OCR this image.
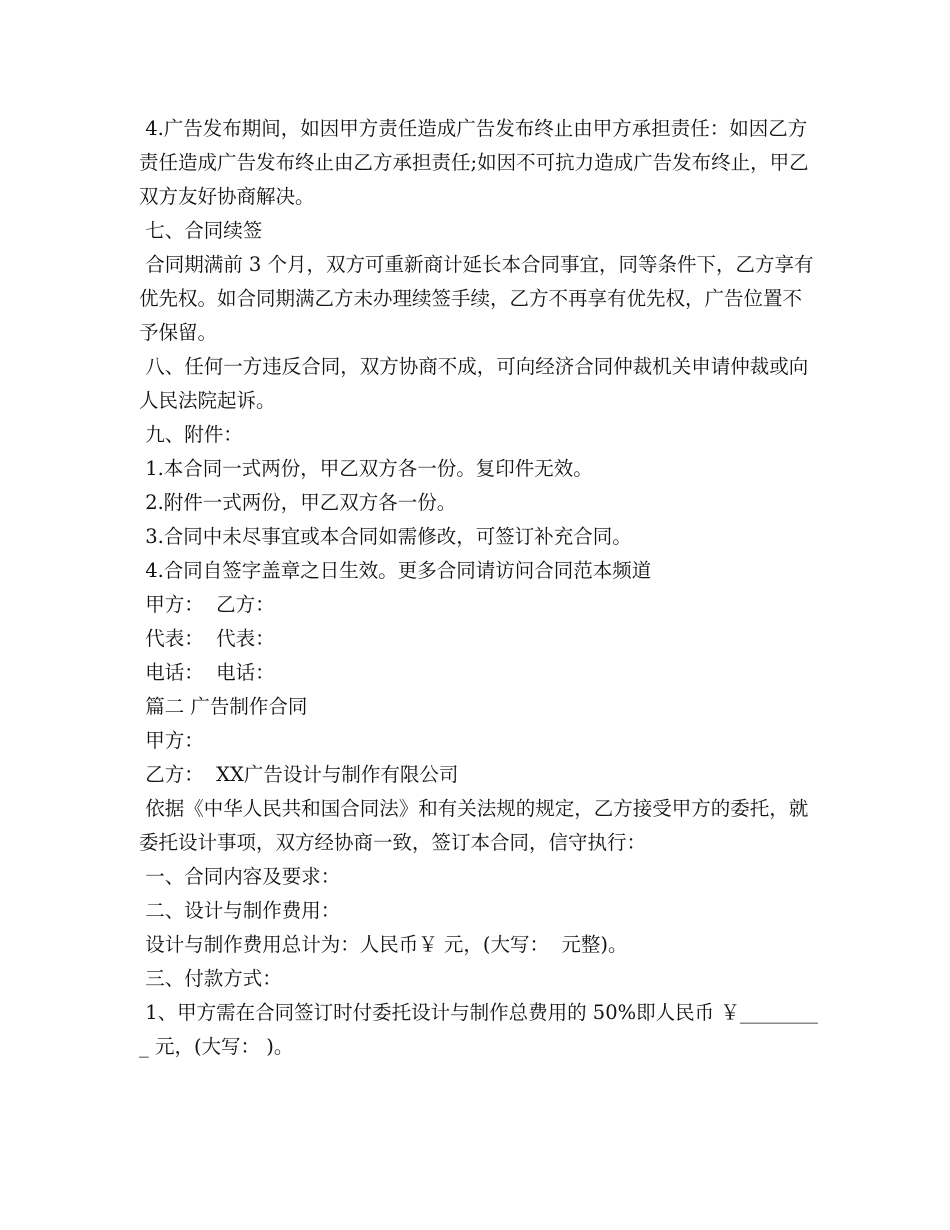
4.广告发布期间，如因甲方责任造成广告发布终止由甲方承担责任：如因乙方责任造成广告发布终止由乙方承担责任;如因不可抗力造成广告发布终止，甲乙双方友好协商解决。

七、合同续签

合同期满前 3 个月，双方可重新商计延长本合同事宜，同等条件下，乙方享有优先权。如合同期满乙方未办理续签手续，乙方不再享有优先权，广告位置不予保留。

八、任何一方违反合同，双方协商不成，可向经济合同仲裁机关申请仲裁或向人民法院起诉。

九、附件：

1.本合同一式两份，甲乙双方各一份。复印件无效。

2.附件一式两份，甲乙双方各一份。

3.合同中未尽事宜或本合同如需修改，可签订补充合同。

4.合同自签字盖章之日生效。更多合同请访问合同范本频道

甲方：  乙方：

代表：  代表：

电话：  电话：

篇二 广告制作合同

甲方：

乙方：  XX广告设计与制作有限公司

依据《中华人民共和国合同法》和有关法规的规定，乙方接受甲方的委托，就委托设计事项，双方经协商一致，签订本合同，信守执行：

一、合同内容及要求：

二、设计与制作费用：

设计与制作费用总计为：人民币￥ 元，(大写：  元整)。

三、付款方式：

1、甲方需在合同签订时付委托设计与制作总费用的 50%即人民币 ￥_________ 元，(大写： )。
